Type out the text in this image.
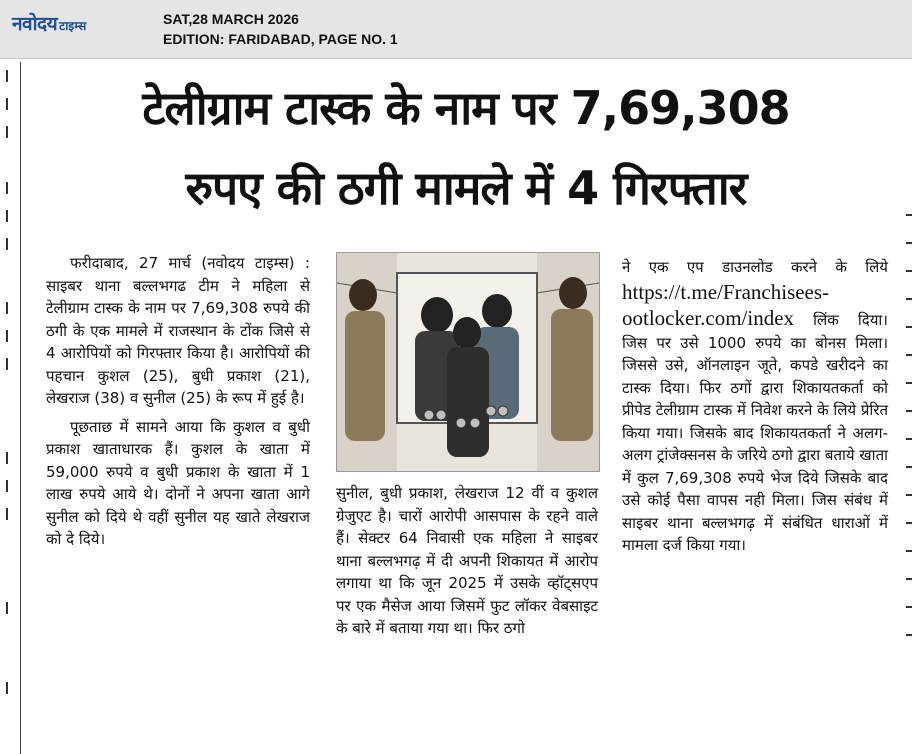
नवोदय टाइम्स	SAT,28 MARCH 2026
EDITION: FARIDABAD, PAGE NO. 1
टेलीग्राम टास्क के नाम पर 7,69,308
रुपए की ठगी मामले में 4 गिरफ्तार

फरीदाबाद, 27 मार्च (नवोदय टाइम्स) : साइबर थाना बल्लभगढ टीम ने महिला से टेलीग्राम टास्क के नाम पर 7,69,308 रुपये की ठगी के एक मामले में राजस्थान के टोंक जिसे से 4 आरोपियों को गिरफ्तार किया है। आरोपियों की पहचान कुशल (25), बुधी प्रकाश (21), लेखराज (38) व सुनील (25) के रूप में हुई है।

पूछताछ में सामने आया कि कुशल व बुधी प्रकाश खाताधारक हैं। कुशल के खाता में 59,000 रुपये व बुधी प्रकाश के खाता में 1 लाख रुपये आये थे। दोनों ने अपना खाता आगे सुनील को दिये थे वहीं सुनील यह खाते लेखराज को दे दिये।

सुनील, बुधी प्रकाश, लेखराज 12 वीं व कुशल ग्रेजुएट है। चारों आरोपी आसपास के रहने वाले हैं। सेक्टर 64 निवासी एक महिला ने साइबर थाना बल्लभगढ़ में दी अपनी शिकायत में आरोप लगाया था कि जून 2025 में उसके व्हॉट्सएप पर एक मैसेज आया जिसमें फुट लॉकर वेबसाइट के बारे में बताया गया था। फिर ठगो

ने एक एप डाउनलोड करने के लिये https://t.me/Franchisees-ootlocker.com/index लिंक दिया। जिस पर उसे 1000 रुपये का बोनस मिला। जिससे उसे, ऑनलाइन जूते, कपडे खरीदने का टास्क दिया। फिर ठगों द्वारा शिकायतकर्ता को प्रीपेड टेलीग्राम टास्क में निवेश करने के लिये प्रेरित किया गया। जिसके बाद शिकायतकर्ता ने अलग-अलग ट्रांजेक्सनस के जरिये ठगो द्वारा बताये खाता में कुल 7,69,308 रुपये भेज दिये जिसके बाद उसे कोई पैसा वापस नही मिला। जिस संबंध में साइबर थाना बल्लभगढ़ में संबंधित धाराओं में मामला दर्ज किया गया।
